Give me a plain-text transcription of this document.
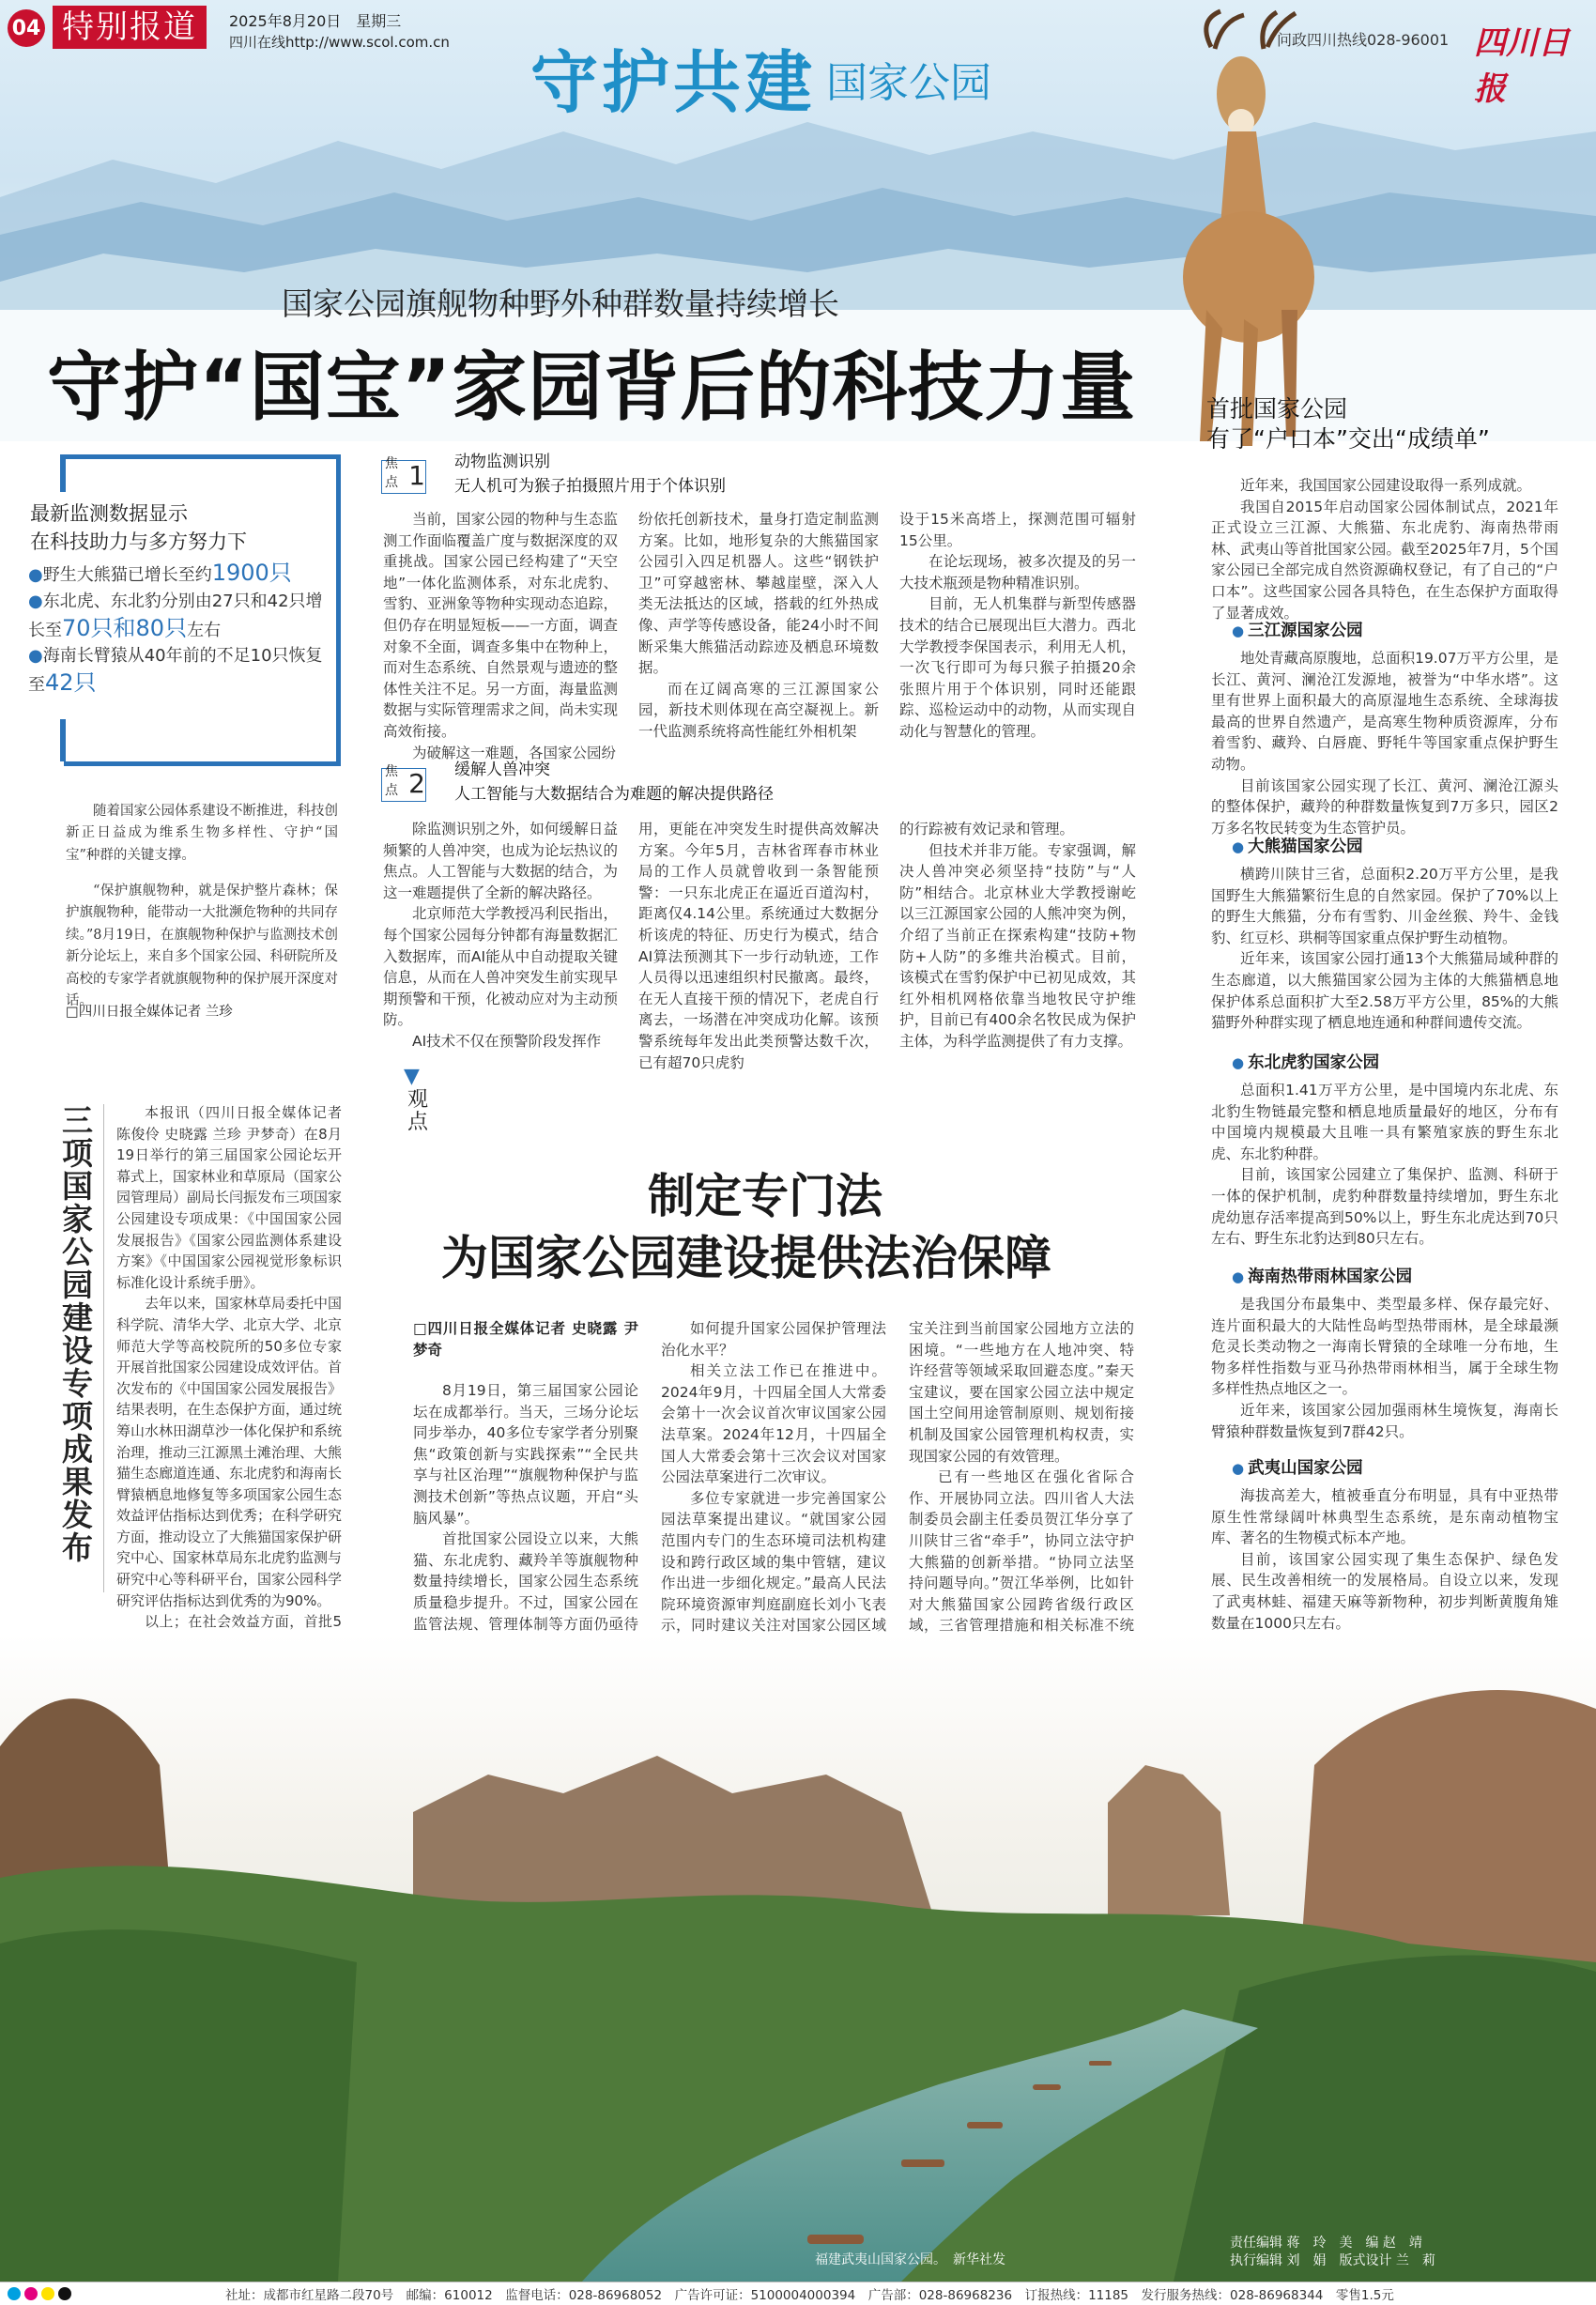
04 特别报道	2025年8月20日　星期三
四川在线http://www.scol.com.cn 守护共建 国家公园
问政四川热线028-96001 四川日报
国家公园旗舰物种野外种群数量持续增长
守护“国宝”家园背后的科技力量
最新监测数据显示
在科技助力与多方努力下
●野生大熊猫已增长至约1900只
●东北虎、东北豹分别由27只和42只增长至70只和80只左右
●海南长臂猿从40年前的不足10只恢复至42只

随着国家公园体系建设不断推进，科技创新正日益成为维系生物多样性、守护“国宝”种群的关键支撑。

“保护旗舰物种，就是保护整片森林；保护旗舰物种，能带动一大批濒危物种的共同存续。”8月19日，在旗舰物种保护与监测技术创新分论坛上，来自多个国家公园、科研院所及高校的专家学者就旗舰物种的保护展开深度对话。

□四川日报全媒体记者 兰珍
焦点 1 动物监测识别
无人机可为猴子拍摄照片用于个体识别

当前，国家公园的物种与生态监测工作面临覆盖广度与数据深度的双重挑战。国家公园已经构建了“天空地”一体化监测体系，对东北虎豹、雪豹、亚洲象等物种实现动态追踪，但仍存在明显短板——一方面，调查对象不全面，调查多集中在物种上，而对生态系统、自然景观与遗迹的整体性关注不足。另一方面，海量监测数据与实际管理需求之间，尚未实现高效衔接。

为破解这一难题，各国家公园纷

纷依托创新技术，量身打造定制监测方案。比如，地形复杂的大熊猫国家公园引入四足机器人。这些“钢铁护卫”可穿越密林、攀越崖壁，深入人类无法抵达的区域，搭载的红外热成像、声学等传感设备，能24小时不间断采集大熊猫活动踪迹及栖息环境数据。

而在辽阔高寒的三江源国家公园，新技术则体现在高空凝视上。新一代监测系统将高性能红外相机架

设于15米高塔上，探测范围可辐射15公里。

在论坛现场，被多次提及的另一大技术瓶颈是物种精准识别。

目前，无人机集群与新型传感器技术的结合已展现出巨大潜力。西北大学教授李保国表示，利用无人机，一次飞行即可为每只猴子拍摄20余张照片用于个体识别，同时还能跟踪、巡检运动中的动物，从而实现自动化与智慧化的管理。

焦点 2 缓解人兽冲突
人工智能与大数据结合为难题的解决提供路径

除监测识别之外，如何缓解日益频繁的人兽冲突，也成为论坛热议的焦点。人工智能与大数据的结合，为这一难题提供了全新的解决路径。

北京师范大学教授冯利民指出，每个国家公园每分钟都有海量数据汇入数据库，而AI能从中自动提取关键信息，从而在人兽冲突发生前实现早期预警和干预，化被动应对为主动预防。

AI技术不仅在预警阶段发挥作

用，更能在冲突发生时提供高效解决方案。今年5月，吉林省珲春市林业局的工作人员就曾收到一条智能预警：一只东北虎正在逼近百道沟村，距离仅4.14公里。系统通过大数据分析该虎的特征、历史行为模式，结合AI算法预测其下一步行动轨迹，工作人员得以迅速组织村民撤离。最终，在无人直接干预的情况下，老虎自行离去，一场潜在冲突成功化解。该预警系统每年发出此类预警达数千次，已有超70只虎豹

的行踪被有效记录和管理。

但技术并非万能。专家强调，解决人兽冲突必须坚持“技防”与“人防”相结合。北京林业大学教授谢屹以三江源国家公园的人熊冲突为例，介绍了当前正在探索构建“技防+物防+人防”的多维共治模式。目前，该模式在雪豹保护中已初见成效，其红外相机网格依靠当地牧民守护维护，目前已有400余名牧民成为保护主体，为科学监测提供了有力支撑。

三项国家公园建设专项成果发布	本报讯（四川日报全媒体记者 陈俊伶 史晓露 兰珍 尹梦奇）在8月19日举行的第三届国家公园论坛开幕式上，国家林业和草原局（国家公园管理局）副局长闫振发布三项国家公园建设专项成果：《中国国家公园发展报告》《国家公园监测体系建设方案》《中国国家公园视觉形象标识标准化设计系统手册》。

去年以来，国家林草局委托中国科学院、清华大学、北京大学、北京师范大学等高校院所的50多位专家开展首批国家公园建设成效评估。首次发布的《中国国家公园发展报告》结果表明，在生态保护方面，通过统筹山水林田湖草沙一体化保护和系统治理，推动三江源黑土滩治理、大熊猫生态廊道连通、东北虎豹和海南长臂猿栖息地修复等多项国家公园生态效益评估指标达到优秀；在科学研究方面，推动设立了大熊猫国家保护研究中心、国家林草局东北虎豹监测与研究中心等科研平台，国家公园科学研究评估指标达到优秀的为90%。

以上；在社会效益方面，首批5

▼
观点
制定专门法
为国家公园建设提供法治保障
□四川日报全媒体记者 史晓露 尹梦奇

8月19日，第三届国家公园论坛在成都举行。当天，三场分论坛同步举办，40多位专家学者分别聚焦“政策创新与实践探索”“全民共享与社区治理”“旗舰物种保护与监测技术创新”等热点议题，开启“头脑风暴”。

首批国家公园设立以来，大熊猫、东北虎豹、藏羚羊等旗舰物种数量持续增长，国家公园生态系统质量稳步提升。不过，国家公园在监管法规、管理体制等方面仍亟待

如何提升国家公园保护管理法治化水平？

相关立法工作已在推进中。2024年9月，十四届全国人大常委会第十一次会议首次审议国家公园法草案。2024年12月，十四届全国人大常委会第十三次会议对国家公园法草案进行二次审议。

多位专家就进一步完善国家公园法草案提出建议。“就国家公园范围内专门的生态环境司法机构建设和跨行政区域的集中管辖，建议作出进一步细化规定。”最高人民法院环境资源审判庭副庭长刘小飞表示，同时建议关注对国家公园区域

宝关注到当前国家公园地方立法的困境。“一些地方在人地冲突、特许经营等领域采取回避态度。”秦天宝建议，要在国家公园立法中规定国土空间用途管制原则、规划衔接机制及国家公园管理机构权责，实现国家公园的有效管理。

已有一些地区在强化省际合作、开展协同立法。四川省人大法制委员会副主任委员贺江华分享了川陕甘三省“牵手”，协同立法守护大熊猫的创新举措。“协同立法坚持问题导向。”贺江华举例，比如针对大熊猫国家公园跨省级行政区域，三省管理措施和相关标准不统

首批国家公园
有了“户口本”交出“成绩单”

近年来，我国国家公园建设取得一系列成就。

我国自2015年启动国家公园体制试点，2021年正式设立三江源、大熊猫、东北虎豹、海南热带雨林、武夷山等首批国家公园。截至2025年7月，5个国家公园已全部完成自然资源确权登记，有了自己的“户口本”。这些国家公园各具特色，在生态保护方面取得了显著成效。

● 三江源国家公园

地处青藏高原腹地，总面积19.07万平方公里，是长江、黄河、澜沧江发源地，被誉为“中华水塔”。这里有世界上面积最大的高原湿地生态系统、全球海拔最高的世界自然遗产，是高寒生物种质资源库，分布着雪豹、藏羚、白唇鹿、野牦牛等国家重点保护野生动物。

目前该国家公园实现了长江、黄河、澜沧江源头的整体保护，藏羚的种群数量恢复到7万多只，园区2万多名牧民转变为生态管护员。

● 大熊猫国家公园

横跨川陕甘三省，总面积2.20万平方公里，是我国野生大熊猫繁衍生息的自然家园。保护了70%以上的野生大熊猫，分布有雪豹、川金丝猴、羚牛、金钱豹、红豆杉、珙桐等国家重点保护野生动植物。

近年来，该国家公园打通13个大熊猫局域种群的生态廊道，以大熊猫国家公园为主体的大熊猫栖息地保护体系总面积扩大至2.58万平方公里，85%的大熊猫野外种群实现了栖息地连通和种群间遗传交流。

● 东北虎豹国家公园

总面积1.41万平方公里，是中国境内东北虎、东北豹生物链最完整和栖息地质量最好的地区，分布有中国境内规模最大且唯一具有繁殖家族的野生东北虎、东北豹种群。

目前，该国家公园建立了集保护、监测、科研于一体的保护机制，虎豹种群数量持续增加，野生东北虎幼崽存活率提高到50%以上，野生东北虎达到70只左右、野生东北豹达到80只左右。

● 海南热带雨林国家公园

是我国分布最集中、类型最多样、保存最完好、连片面积最大的大陆性岛屿型热带雨林，是全球最濒危灵长类动物之一海南长臂猿的全球唯一分布地，生物多样性指数与亚马孙热带雨林相当，属于全球生物多样性热点地区之一。

近年来，该国家公园加强雨林生境恢复，海南长臂猿种群数量恢复到7群42只。

● 武夷山国家公园

海拔高差大，植被垂直分布明显，具有中亚热带原生性常绿阔叶林典型生态系统，是东南动植物宝库、著名的生物模式标本产地。

目前，该国家公园实现了集生态保护、绿色发展、民生改善相统一的发展格局。自设立以来，发现了武夷林蛙、福建天麻等新物种，初步判断黄腹角雉数量在1000只左右。

福建武夷山国家公园。　新华社发
责任编辑 蒋　玲　美　编 赵　靖
执行编辑 刘　娟　版式设计 兰　莉
社址：成都市红星路二段70号　邮编：610012　监督电话：028-86968052　广告许可证：5100004000394　广告部：028-86968236　订报热线：11185　发行服务热线：028-86968344　零售1.5元
